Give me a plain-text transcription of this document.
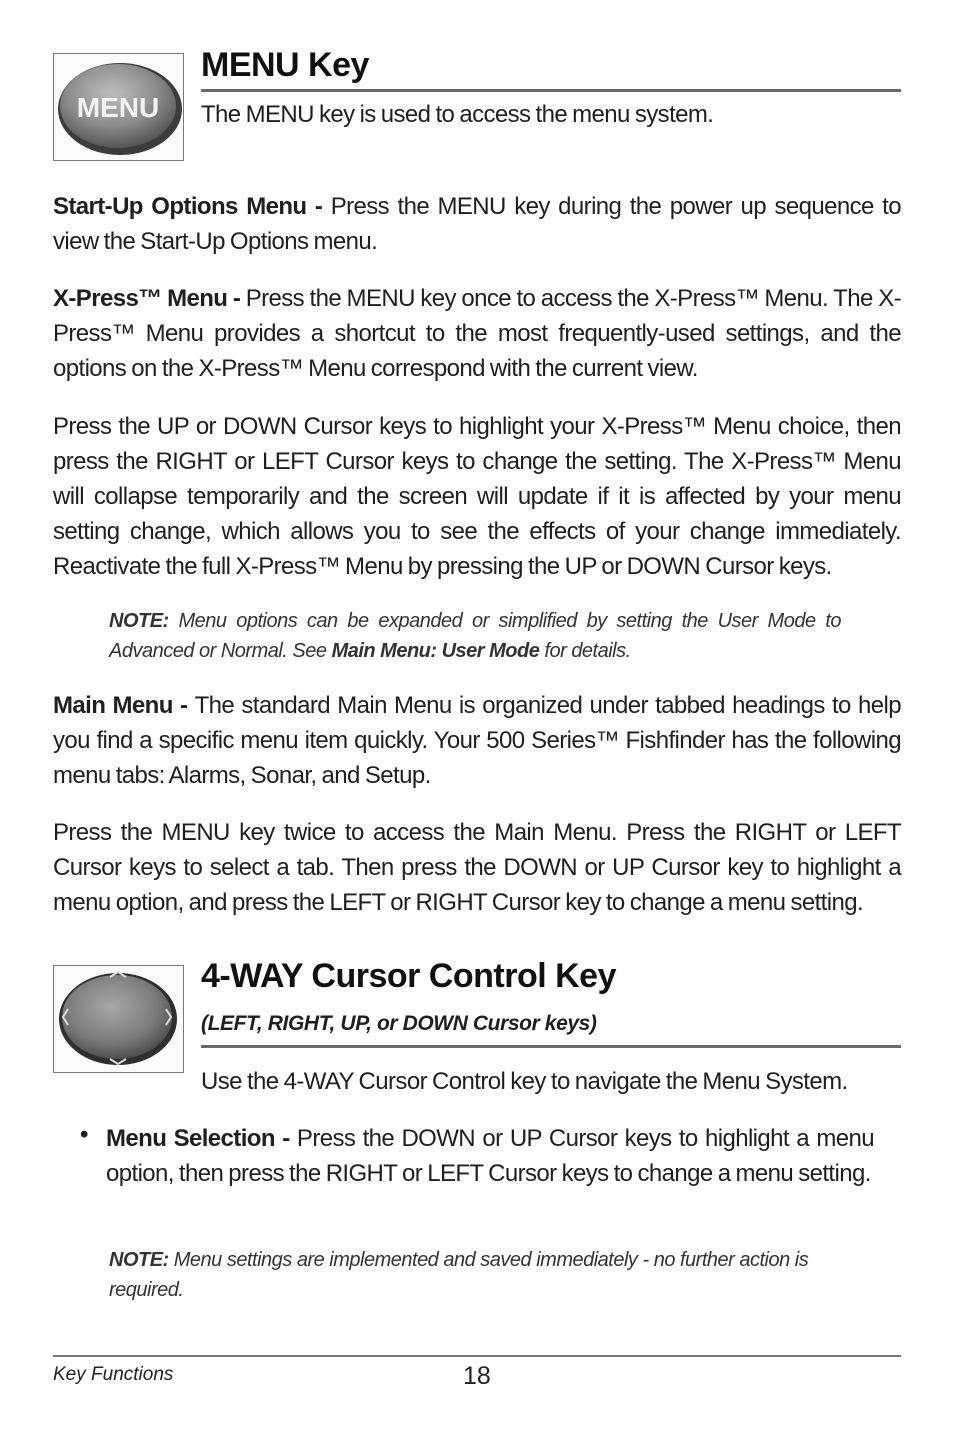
MENU
MENU Key
The MENU key is used to access the menu system.

Start-Up Options Menu - Press the MENU key during the power up sequence to view the Start-Up Options menu.

X-Press™ Menu - Press the MENU key once to access the X-Press™ Menu. The X-Press™ Menu provides a shortcut to the most frequently-used settings, and the options on the X-Press™ Menu correspond with the current view.

Press the UP or DOWN Cursor keys to highlight your X-Press™ Menu choice, then press the RIGHT or LEFT Cursor keys to change the setting. The X-Press™ Menu will collapse temporarily and the screen will update if it is affected by your menu setting change, which allows you to see the effects of your change immediately. Reactivate the full X-Press™ Menu by pressing the UP or DOWN Cursor keys.

NOTE: Menu options can be expanded or simplified by setting the User Mode to Advanced or Normal. See Main Menu: User Mode for details.

Main Menu - The standard Main Menu is organized under tabbed headings to help you find a specific menu item quickly. Your 500 Series™ Fishfinder has the following menu tabs: Alarms, Sonar, and Setup.

Press the MENU key twice to access the Main Menu. Press the RIGHT or LEFT Cursor keys to select a tab. Then press the DOWN or UP Cursor key to highlight a menu option, and press the LEFT or RIGHT Cursor key to change a menu setting.

4-WAY Cursor Control Key
(LEFT, RIGHT, UP, or DOWN Cursor keys)
Use the 4-WAY Cursor Control key to navigate the Menu System.
• Menu Selection - Press the DOWN or UP Cursor keys to highlight a menu option, then press the RIGHT or LEFT Cursor keys to change a menu setting.

NOTE: Menu settings are implemented and saved immediately - no further action is required.

Key Functions	18
